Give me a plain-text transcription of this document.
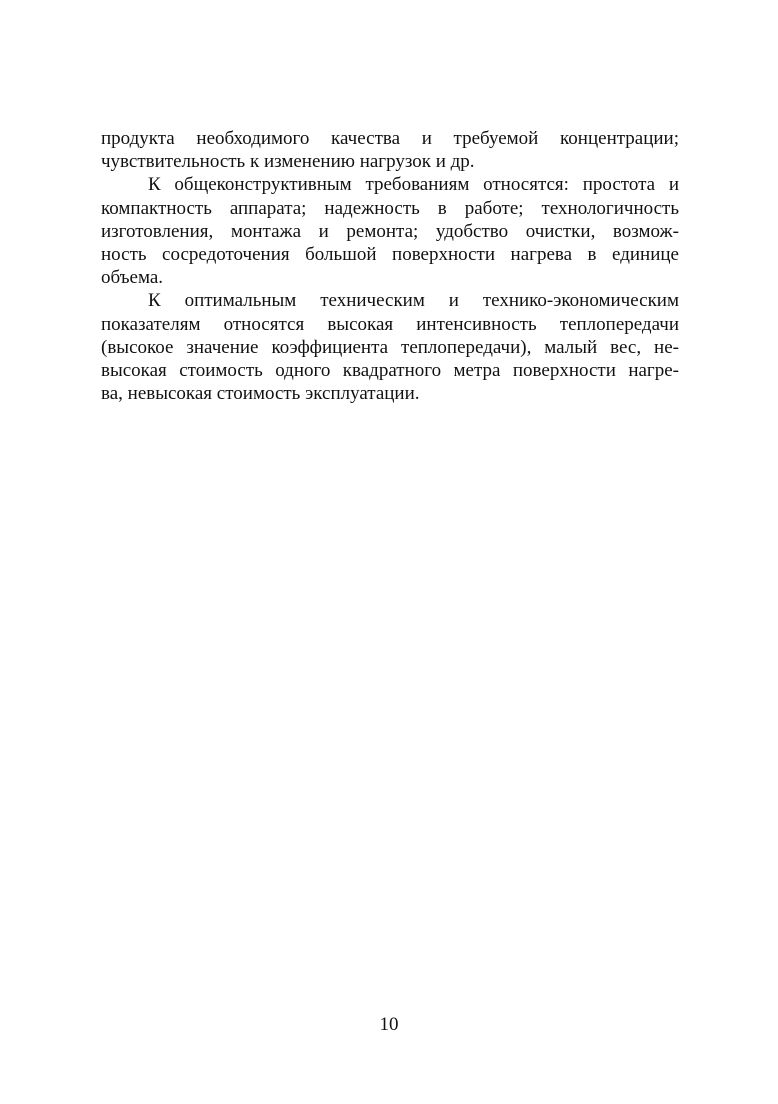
продукта необходимого качества и требуемой концентрации;
чувствительность к изменению нагрузок и др.
К общеконструктивным требованиям относятся: простота и
компактность аппарата; надежность в работе; технологичность
изготовления, монтажа и ремонта; удобство очистки, возмож-
ность сосредоточения большой поверхности нагрева в единице
объема.
К оптимальным техническим и технико-экономическим
показателям относятся высокая интенсивность теплопередачи
(высокое значение коэффициента теплопередачи), малый вес, не-
высокая стоимость одного квадратного метра поверхности нагре-
ва, невысокая стоимость эксплуатации.
10
